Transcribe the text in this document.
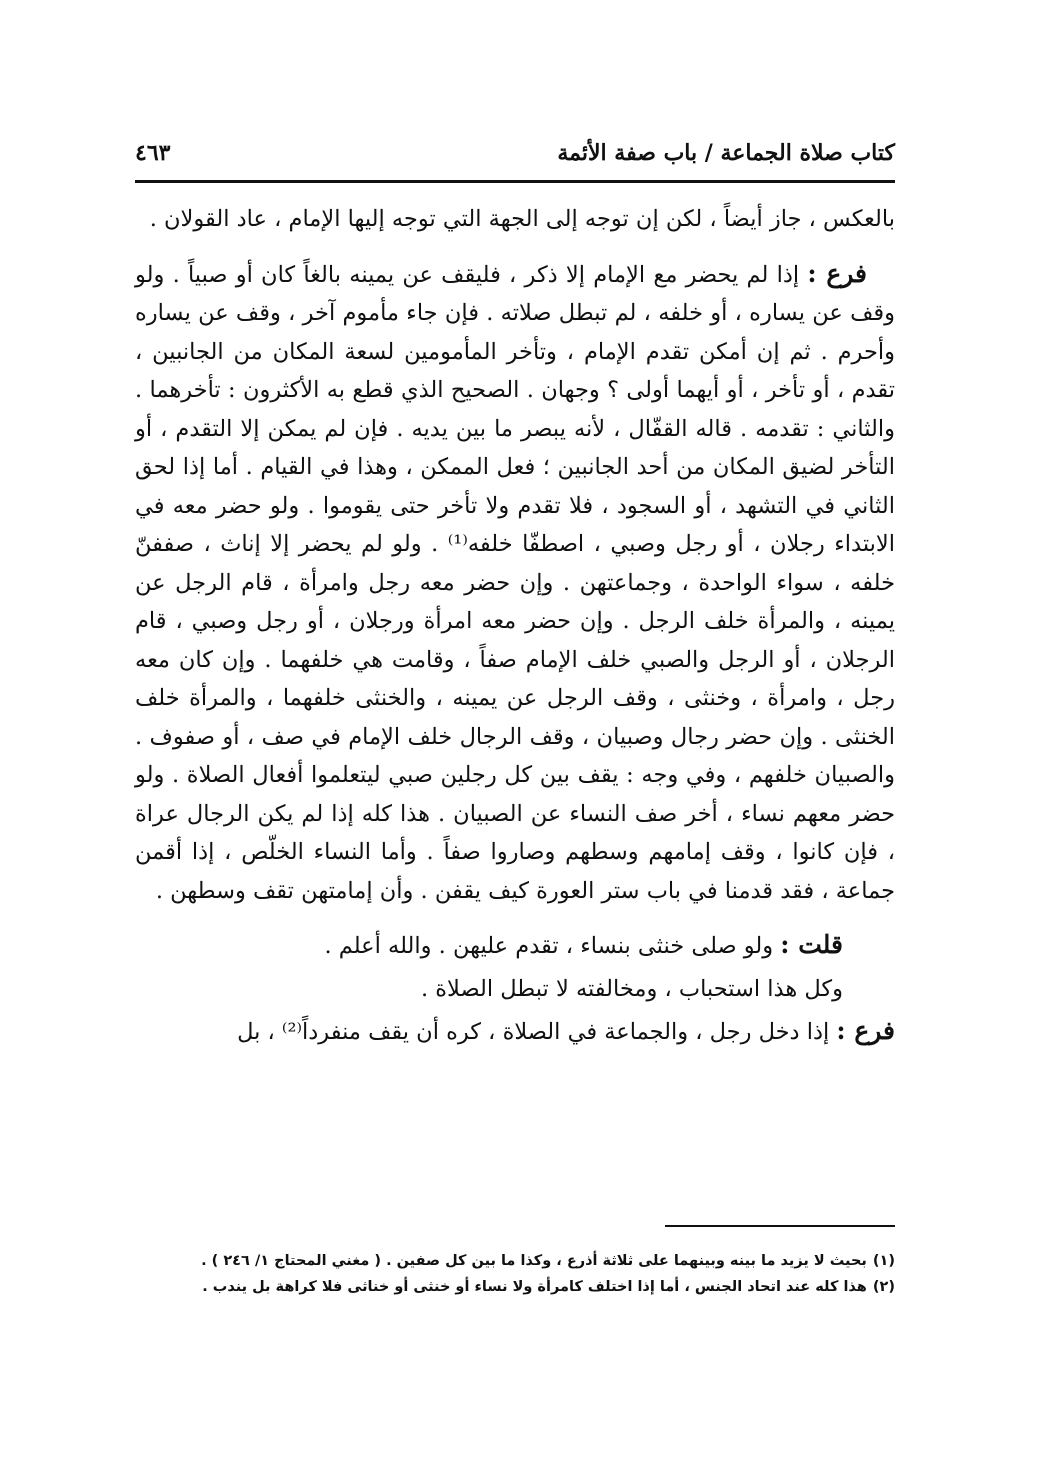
كتاب صلاة الجماعة / باب صفة الأئمة
٤٦٣

بالعكس ، جاز أيضاً ، لكن إن توجه إلى الجهة التي توجه إليها الإمام ، عاد القولان .

فرع : إذا لم يحضر مع الإمام إلا ذكر ، فليقف عن يمينه بالغاً كان أو صبياً . ولو وقف عن يساره ، أو خلفه ، لم تبطل صلاته . فإن جاء مأموم آخر ، وقف عن يساره وأحرم . ثم إن أمكن تقدم الإمام ، وتأخر المأمومين لسعة المكان من الجانبين ، تقدم ، أو تأخر ، أو أيهما أولى ؟ وجهان . الصحيح الذي قطع به الأكثرون : تأخرهما . والثاني : تقدمه . قاله القفّال ، لأنه يبصر ما بين يديه . فإن لم يمكن إلا التقدم ، أو التأخر لضيق المكان من أحد الجانبين ؛ فعل الممكن ، وهذا في القيام . أما إذا لحق الثاني في التشهد ، أو السجود ، فلا تقدم ولا تأخر حتى يقوموا . ولو حضر معه في الابتداء رجلان ، أو رجل وصبي ، اصطفّا خلفه⁽¹⁾ . ولو لم يحضر إلا إناث ، صففنّ خلفه ، سواء الواحدة ، وجماعتهن . وإن حضر معه رجل وامرأة ، قام الرجل عن يمينه ، والمرأة خلف الرجل . وإن حضر معه امرأة ورجلان ، أو رجل وصبي ، قام الرجلان ، أو الرجل والصبي خلف الإمام صفاً ، وقامت هي خلفهما . وإن كان معه رجل ، وامرأة ، وخنثى ، وقف الرجل عن يمينه ، والخنثى خلفهما ، والمرأة خلف الخنثى . وإن حضر رجال وصبيان ، وقف الرجال خلف الإمام في صف ، أو صفوف . والصبيان خلفهم ، وفي وجه : يقف بين كل رجلين صبي ليتعلموا أفعال الصلاة . ولو حضر معهم نساء ، أخر صف النساء عن الصبيان . هذا كله إذا لم يكن الرجال عراة ، فإن كانوا ، وقف إمامهم وسطهم وصاروا صفاً . وأما النساء الخلّص ، إذا أقمن جماعة ، فقد قدمنا في باب ستر العورة كيف يقفن . وأن إمامتهن تقف وسطهن .

قلت : ولو صلى خنثى بنساء ، تقدم عليهن . والله أعلم .

وكل هذا استحباب ، ومخالفته لا تبطل الصلاة .

فرع : إذا دخل رجل ، والجماعة في الصلاة ، كره أن يقف منفرداً⁽²⁾ ، بل

(١)بحيث لا يزيد ما بينه وبينهما على ثلاثة أذرع ، وكذا ما بين كل صفين . ( مغني المحتاج ١/ ٢٤٦ ) .

(٢)هذا كله عند اتحاد الجنس ، أما إذا اختلف كامرأة ولا نساء أو خنثى أو خناثى فلا كراهة بل يندب .
